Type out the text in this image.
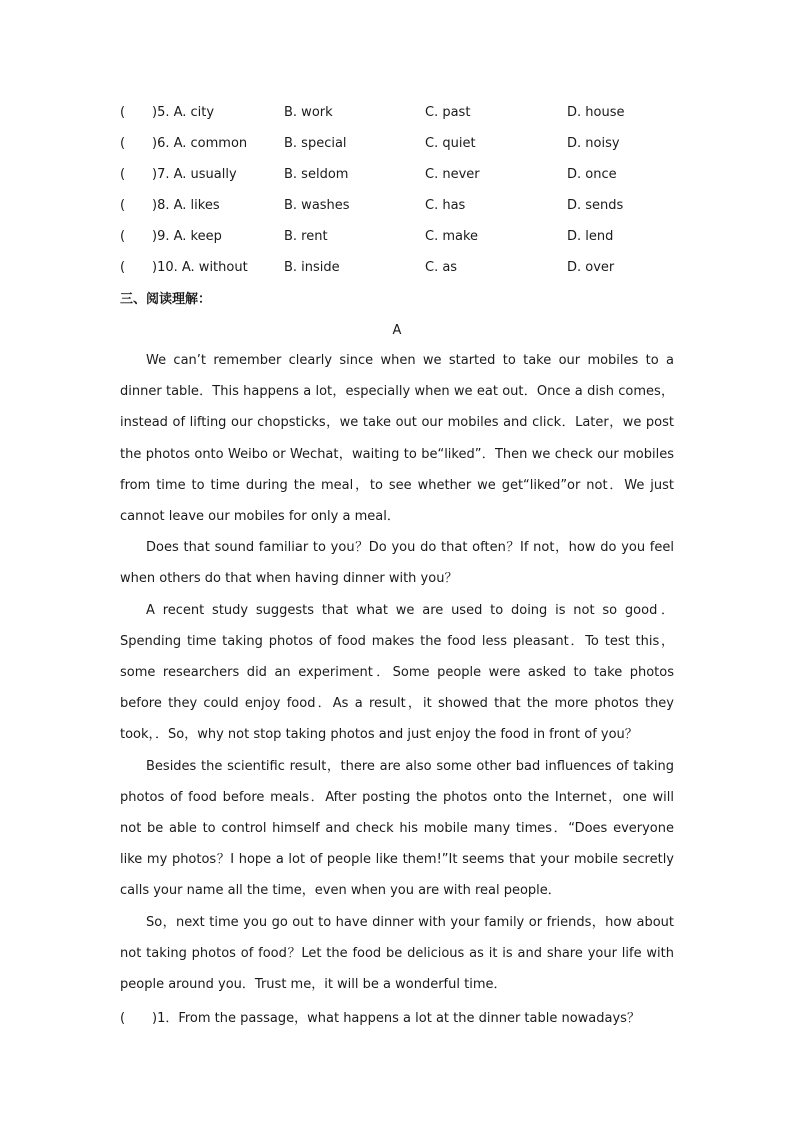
( )5. A. city	B. work	C. past	D. house
( )6. A. common	B. special	C. quiet	D. noisy
( )7. A. usually	B. seldom	C. never	D. once
( )8. A. likes	B. washes	C. has	D. sends
( )9. A. keep	B. rent	C. make	D. lend
( )10. A. without	B. inside	C. as	D. over
三、阅读理解：
A

We can’t remember clearly since when we started to take our mobiles to a dinner table．This happens a lot，especially when we eat out．Once a dish comes，instead of lifting our chopsticks，we take out our mobiles and click．Later，we post the photos onto Weibo or Wechat，waiting to be“liked”．Then we check our mobiles from time to time during the meal，to see whether we get“liked”or not．We just cannot leave our mobiles for only a meal．

Does that sound familiar to you？Do you do that often？If not，how do you feel when others do that when having dinner with you？

A recent study suggests that what we are used to doing is not so good．Spending time taking photos of food makes the food less pleasant．To test this，some researchers did an experiment．Some people were asked to take photos before they could enjoy food．As a result，it showed that the more photos they took，．So，why not stop taking photos and just enjoy the food in front of you？

Besides the scientific result，there are also some other bad influences of taking photos of food before meals．After posting the photos onto the Internet，one will not be able to control himself and check his mobile many times．“Does everyone like my photos？I hope a lot of people like them!”It seems that your mobile secretly calls your name all the time，even when you are with real people．

So，next time you go out to have dinner with your family or friends，how about not taking photos of food？Let the food be delicious as it is and share your life with people around you．Trust me，it will be a wonderful time．

( )1．From the passage，what happens a lot at the dinner table nowadays？
